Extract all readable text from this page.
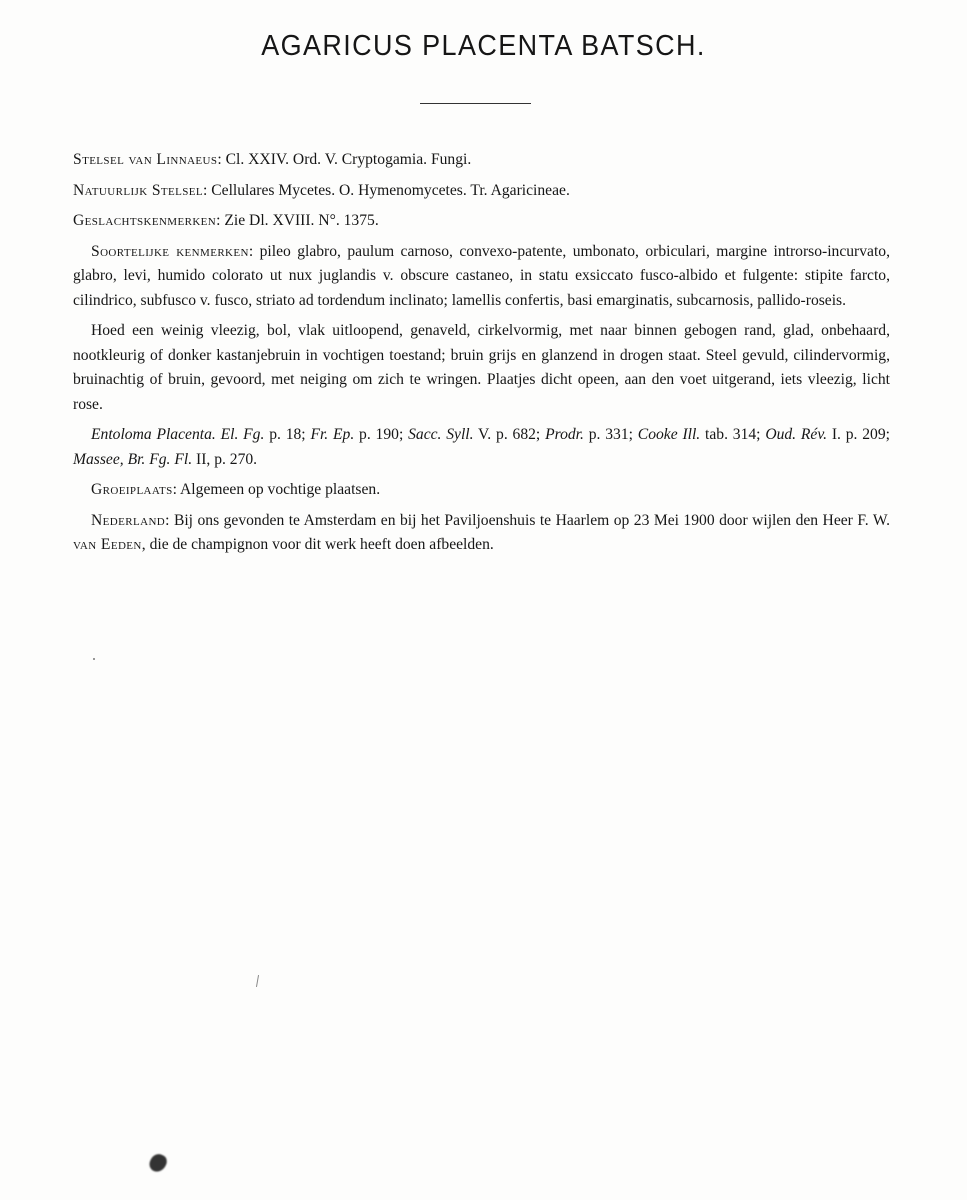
AGARICUS PLACENTA BATSCH.

Stelsel van Linnaeus: Cl. XXIV. Ord. V. Cryptogamia. Fungi.

Natuurlijk Stelsel: Cellulares Mycetes. O. Hymenomycetes. Tr. Agaricineae.

Geslachtskenmerken: Zie Dl. XVIII. N°. 1375.

Soortelijke kenmerken: pileo glabro, paulum carnoso, convexo-patente, umbonato, orbiculari, margine introrso-incurvato, glabro, levi, humido colorato ut nux juglandis v. obscure castaneo, in statu exsiccato fusco-albido et fulgente: stipite farcto, cilindrico, subfusco v. fusco, striato ad tordendum inclinato; lamellis confertis, basi emarginatis, subcarnosis, pallido-roseis.

Hoed een weinig vleezig, bol, vlak uitloopend, genaveld, cirkelvormig, met naar binnen gebogen rand, glad, onbehaard, nootkleurig of donker kastanjebruin in vochtigen toestand; bruin grijs en glanzend in drogen staat. Steel gevuld, cilindervormig, bruinachtig of bruin, gevoord, met neiging om zich te wringen. Plaatjes dicht opeen, aan den voet uitgerand, iets vleezig, licht rose.

Entoloma Placenta. El. Fg. p. 18; Fr. Ep. p. 190; Sacc. Syll. V. p. 682; Prodr. p. 331; Cooke Ill. tab. 314; Oud. Rév. I. p. 209; Massee, Br. Fg. Fl. II, p. 270.

Groeiplaats: Algemeen op vochtige plaatsen.

Nederland: Bij ons gevonden te Amsterdam en bij het Paviljoenshuis te Haarlem op 23 Mei 1900 door wijlen den Heer F. W. van Eeden, die de champignon voor dit werk heeft doen afbeelden.
